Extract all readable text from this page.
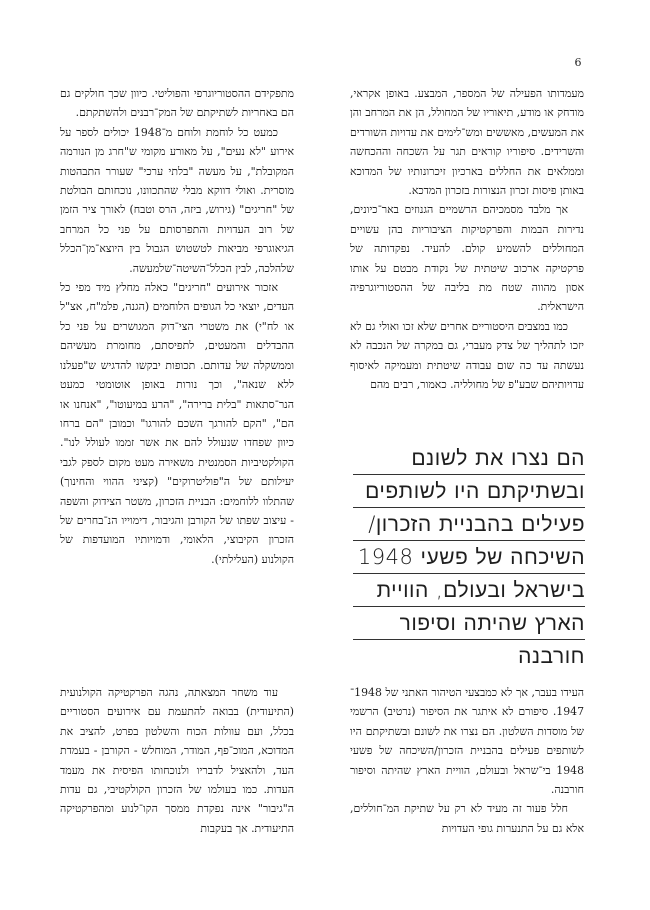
6

מעמדותו הפעילה של המספר, המבצע. באופן אקראי, מודחק או מודע, תיאוריו של המחולל, הן את המרחב והן את המעשים, מאששים ומש־לימים את עדויות השורדים והשרידים. סיפוריו קוראים תגר על השכחה וההכחשה וממלאים את החללים בארכיון זיכרונותיו של המדוכא באותן פיסות זכרון הנצורות בזכרון המדכא.

אך מלבד מסמכיהם הרשמיים הגנוזים באר־כיונים, נדירות הבמות והפרקטיקות הציבוריות בהן עשויים המחוללים להשמיע קולם. להעיד. נפקדותה של פרקטיקה ארכוב שיטתית של נקודת מבטם על אותו אסון מהווה שטח מת בליבה של ההסטוריוגרפיה הישראלית.

כמו במצבים היסטוריים אחרים שלא זכו ואולי גם לא יזכו לתהליך של צדק מעברי, גם במקרה של הנכבה לא נעשתה עד כה שום עבודה שיטתית ומעמיקה לאיסוף עדויותיהם שבע"פ של מחולליה. כאמור, רבים מהם

הם נצרו את לשונם
ובשתיקתם היו לשותפים
פעילים בהבניית הזכרון/
השיכחה של פשעי 1948
בישראל ובעולם, הוויית
הארץ שהיתה וסיפור
חורבנה

מתפקידם ההסטוריוגרפי והפוליטי. כיוון שכך חולקים גם הם באחריות לשתיקתם של המק־רבנים ולהשתקתם.

כמעט כל לוחמת ולוחם מ־1948 יכולים לספר על אירוע "לא נעים", על מאורע מקומי ש"חרג מן הנורמה המקובלת", על מעשה "בלתי ערכי" שעורר התבהטות מוסרית. ואולי דווקא מבלי שהתכוונו, נוכחותם הבולטת של "חריגים" (גירוש, ביזה, הרס וטבח) לאורך ציר הזמן של רוב העדויות והתפרסותם על פני כל המרחב הגיאוגרפי מביאות לטשטוש הגבול בין היוצא־מן־הכלל שלהלכה, לבין הכלל־השיטה־שלמעשה.

אזכור אירועים "חריגים" כאלה מחלץ מיד מפי כל העדים, יוצאי כל הגופים הלוחמים (הגנה, פלמ"ח, אצ"ל או לח"י) את משטרי הצי־דוק המגושרים על פני כל ההבדלים והמעטים, לתפיסתם, מחומרת מעשיהם וממשקלה של עדותם. תכופות יבקשו להדגיש ש"פעלנו ללא שנאה", וכך נורות באופן אוטומטי כמעט הנר־סתאות "בלית ברירה", "הרע במיעוטו", "אנחנו או הם", "הקם להורגך השכם להורגו" וכמובן "הם ברחו כיוון שפחדו שנעולל להם את אשר זממו לעולל לנו". הקולקטיביות הסמנטית משאירה מעט מקום לספק לגבי יעילותם של ה"פוליטרוקים" (קציני ההווי והחינוך) שהתלוו ללוחמים: הבניית הזכרון, משטר הצידוק והשפה - עיצוב שפתו של הקורבן והגיבור, דימוייו הנ־בחרים של הזכרון הקיבוצי, הלאומי, ודמויותיו המועדפות של הקולנוע (העלילתי).

העידו בעבר, אך לא כמבצעי הטיהור האתני של 1948־1947. סיפורם לא איתגר את הסיפור (נרטיב) הרשמי של מוסדות השלטון. הם נצרו את לשונם ובשתיקתם היו לשותפים פעילים בהבניית הזכרון/השיכחה של פשעי 1948 בי־שראל ובעולם, הוויית הארץ שהיתה וסיפור חורבנה.

חלל פעור זה מעיד לא רק על שתיקת המ־חוללים, אלא גם על התנערות גופי העדויות

עוד משחר המצאתה, נהגה הפרקטיקה הקולנועית (התיעודית) בבואה להתעמת עם אירועים הסטוריים בכלל, ועם עוולות הכוח והשלטון בפרט, להציב את המדוכא, המוכ־פף, המודר, המוחלש - הקורבן - בעמדת העד, ולהאציל לדבריו ולנוכחותו הפיסית את מעמד העדות. כמו בעולמו של הזכרון הקולקטיבי, גם עדות ה"גיבור" אינה נפקדת ממסך הקו־לנוע ומהפרקטיקה התיעודית. אך בעקבות
